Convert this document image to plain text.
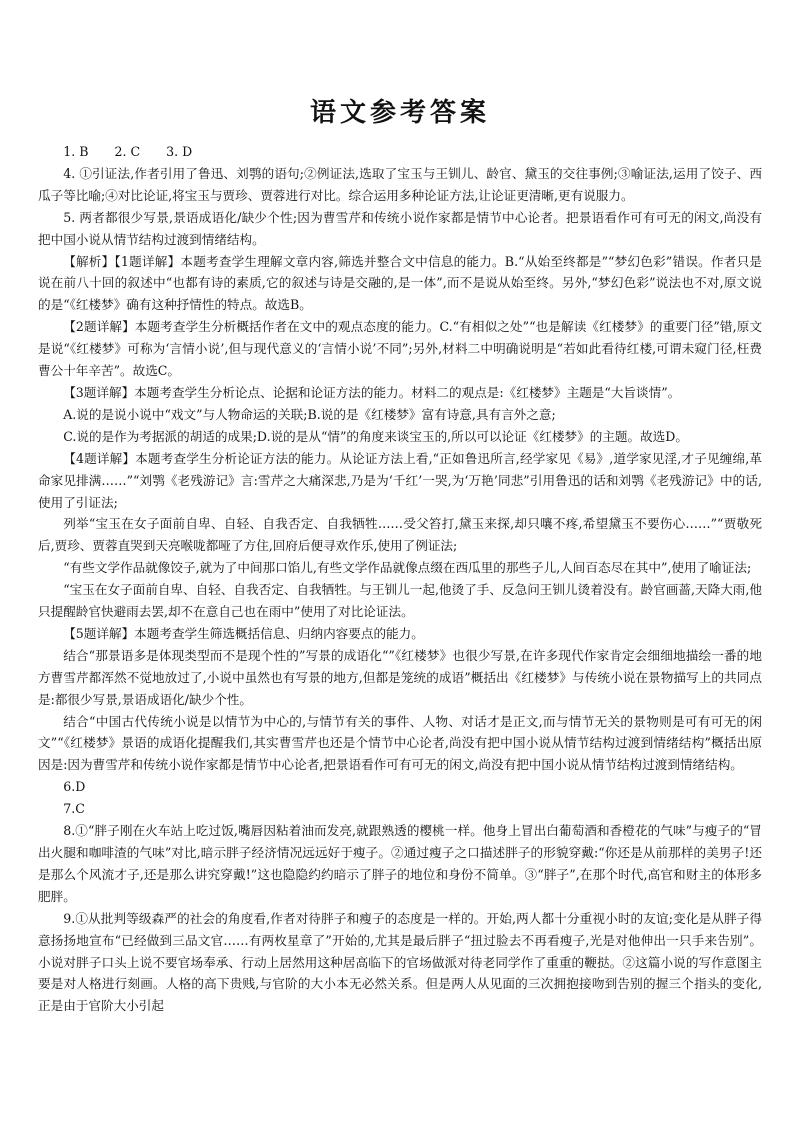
语文参考答案
1. B 2. C 3. D

4. ①引证法,作者引用了鲁迅、刘鹗的语句;②例证法,选取了宝玉与王钏儿、龄官、黛玉的交往事例;③喻证法,运用了饺子、西瓜子等比喻;④对比论证,将宝玉与贾珍、贾蓉进行对比。综合运用多种论证方法,让论证更清晰,更有说服力。

5. 两者都很少写景,景语成语化/缺少个性;因为曹雪芹和传统小说作家都是情节中心论者。把景语看作可有可无的闲文,尚没有把中国小说从情节结构过渡到情绪结构。

【解析】【1题详解】本题考查学生理解文章内容,筛选并整合文中信息的能力。B.“从始至终都是”“梦幻色彩”错误。作者只是说在前八十回的叙述中“也都有诗的素质,它的叙述与诗是交融的,是一体”,而不是说从始至终。另外,“梦幻色彩”说法也不对,原文说的是“《红楼梦》确有这种抒情性的特点。故选B。

【2题详解】本题考查学生分析概括作者在文中的观点态度的能力。C.“有相似之处”“也是解读《红楼梦》的重要门径”错,原文是说“《红楼梦》可称为‘言情小说’,但与现代意义的‘言情小说’不同”;另外,材料二中明确说明是“若如此看待红楼,可谓未窥门径,枉费曹公十年辛苦”。故选C。

【3题详解】本题考查学生分析论点、论据和论证方法的能力。材料二的观点是:《红楼梦》主题是“大旨谈情”。

A.说的是说小说中“戏文”与人物命运的关联;B.说的是《红楼梦》富有诗意,具有言外之意;

C.说的是作为考据派的胡适的成果;D.说的是从“情”的角度来谈宝玉的,所以可以论证《红楼梦》的主题。故选D。

【4题详解】本题考查学生分析论证方法的能力。从论证方法上看,“正如鲁迅所言,经学家见《易》,道学家见淫,才子见缠绵,革命家见排满……”“刘鹗《老残游记》言:雪芹之大痛深悲,乃是为‘千红’一哭,为‘万艳’同悲”引用鲁迅的话和刘鹗《老残游记》中的话,使用了引证法;

列举“宝玉在女子面前自卑、自轻、自我否定、自我牺牲……受父笞打,黛玉来探,却只嚷不疼,希望黛玉不要伤心……”“贾敬死后,贾珍、贾蓉直哭到天亮喉咙都哑了方住,回府后便寻欢作乐,使用了例证法;

“有些文学作品就像饺子,就为了中间那口馅儿,有些文学作品就像点缀在西瓜里的那些子儿,人间百态尽在其中”,使用了喻证法;

“宝玉在女子面前自卑、自轻、自我否定、自我牺牲。与王钏儿一起,他烫了手、反急问王钏儿烫着没有。龄官画蔷,天降大雨,他只提醒龄官快避雨去罢,却不在意自己也在雨中”使用了对比论证法。

【5题详解】本题考查学生筛选概括信息、归纳内容要点的能力。

结合“那景语多是体现类型而不是现个性的”写景的成语化“”《红楼梦》也很少写景,在许多现代作家肯定会细细地描绘一番的地方曹雪芹都浑然不觉地放过了,小说中虽然也有写景的地方,但都是笼统的成语”概括出《红楼梦》与传统小说在景物描写上的共同点是:都很少写景,景语成语化/缺少个性。

结合“中国古代传统小说是以情节为中心的,与情节有关的事件、人物、对话才是正文,而与情节无关的景物则是可有可无的闲文”“《红楼梦》景语的成语化提醒我们,其实曹雪芹也还是个情节中心论者,尚没有把中国小说从情节结构过渡到情绪结构”概括出原因是:因为曹雪芹和传统小说作家都是情节中心论者,把景语看作可有可无的闲文,尚没有把中国小说从情节结构过渡到情绪结构。

6.D

7.C

8.①“胖子刚在火车站上吃过饭,嘴唇因粘着油而发亮,就跟熟透的樱桃一样。他身上冒出白葡萄酒和香橙花的气味”与瘦子的“冒出火腿和咖啡渣的气味”对比,暗示胖子经济情况远远好于瘦子。②通过瘦子之口描述胖子的形貌穿戴:“你还是从前那样的美男子!还是那么个风流才子,还是那么讲究穿戴!”这也隐隐约约暗示了胖子的地位和身份不简单。③“胖子”,在那个时代,高官和财主的体形多肥胖。

9.①从批判等级森严的社会的角度看,作者对待胖子和瘦子的态度是一样的。开始,两人都十分重视小时的友谊;变化是从胖子得意扬扬地宣布“已经做到三品文官……有两枚星章了”开始的,尤其是最后胖子“扭过脸去不再看瘦子,光是对他伸出一只手来告别”。小说对胖子口头上说不要官场奉承、行动上居然用这种居高临下的官场做派对待老同学作了重重的鞭挞。②这篇小说的写作意图主要是对人格进行刻画。人格的高下贵贱,与官阶的大小本无必然关系。但是两人从见面的三次拥抱接吻到告别的握三个指头的变化,正是由于官阶大小引起
